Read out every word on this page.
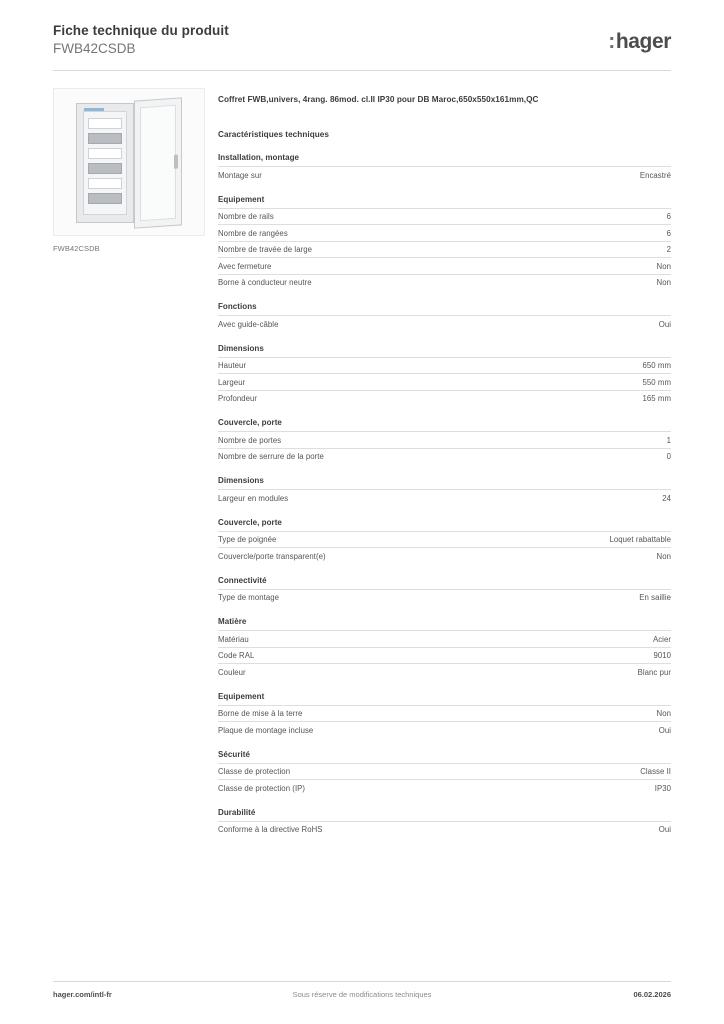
Fiche technique du produit
FWB42CSDB	:hager
FWB42CSDB
Coffret FWB,univers, 4rang. 86mod. cl.II IP30 pour DB Maroc,650x550x161mm,QC
Caractéristiques techniques
Installation, montage
Montage sur	Encastré
Equipement
Nombre de rails	6
Nombre de rangées	6
Nombre de travée de large	2
Avec fermeture	Non
Borne à conducteur neutre	Non
Fonctions
Avec guide-câble	Oui
Dimensions
Hauteur	650 mm
Largeur	550 mm
Profondeur	165 mm
Couvercle, porte
Nombre de portes	1
Nombre de serrure de la porte	0
Dimensions
Largeur en modules	24
Couvercle, porte
Type de poignée	Loquet rabattable
Couvercle/porte transparent(e)	Non
Connectivité
Type de montage	En saillie
Matière
Matériau	Acier
Code RAL	9010
Couleur	Blanc pur
Equipement
Borne de mise à la terre	Non
Plaque de montage incluse	Oui
Sécurité
Classe de protection	Classe II
Classe de protection (IP)	IP30
Durabilité
Conforme à la directive RoHS	Oui
hager.com/intl-fr	Sous réserve de modifications techniques	06.02.2026
